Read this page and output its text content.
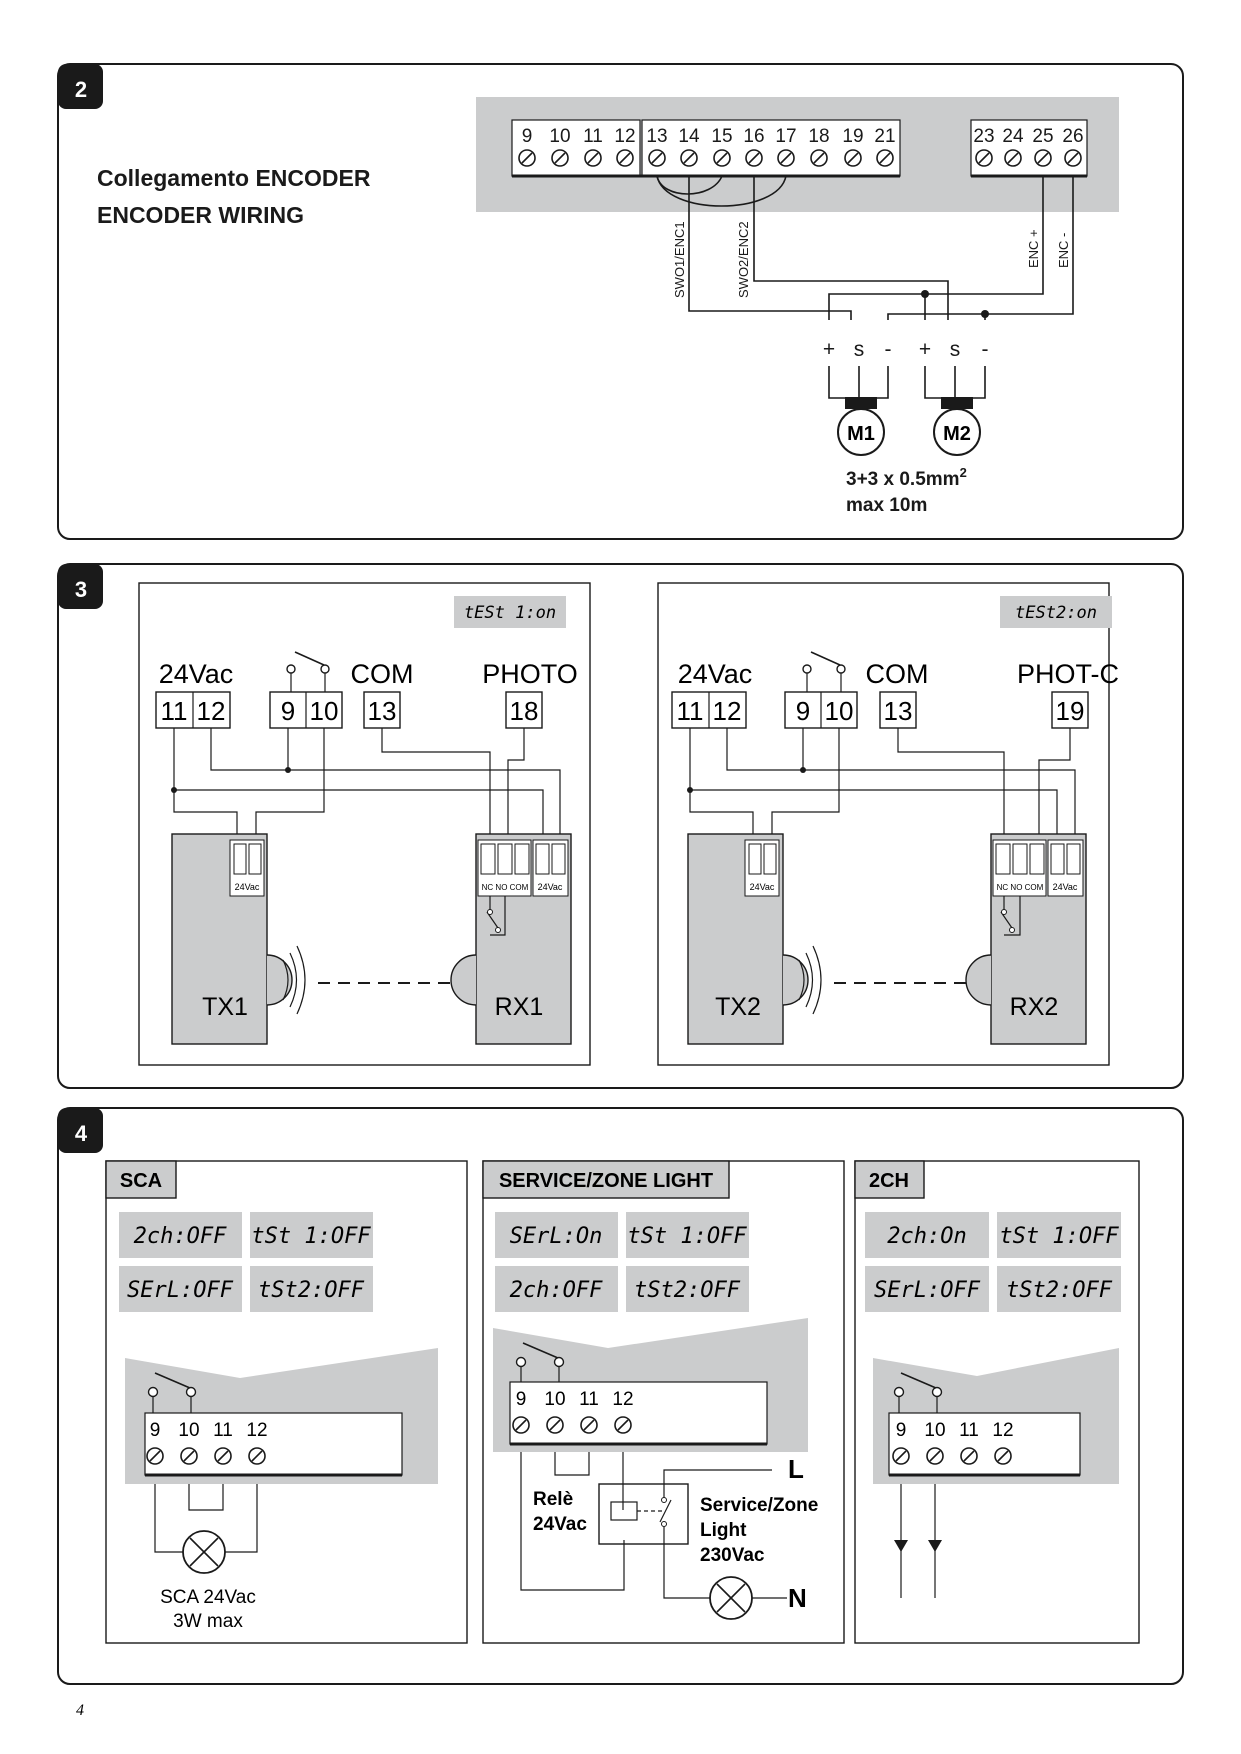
2
Collegamento ENCODER
ENCODER WIRING
9 10 11 12 13 14 15 16 17 18 19 21	23 24 25 26
SWO1/ENC1	SWO2/ENC2	ENC + ENC -
+ s - + s -
M1	M2
3+3 x $0.5mm^2$
max 10m
3
tESt 1:on
24Vac	COM	PHOTO
11 12 9 10 13	18
24Vac
TX1
NC NO COM 24Vac
RX1
tESt2:on
24Vac	COM	PHOT-C
11 12 9 10 13	19
24Vac
TX2
NC NO COM 24Vac
RX2
4
SCA
2ch:OFF tSt 1:OFF
SErL:OFF tSt2:OFF
9 10 11 12
SCA 24Vac
3W max
SERVICE/ZONE LIGHT
SErL:On tSt 1:OFF
2ch:OFF tSt2:OFF
9 10 11 12
L
N
Relè
24Vac
Service/Zone
Light
230Vac
2CH
2ch:On tSt 1:OFF
SErL:OFF tSt2:OFF
9 10 11 12
4
